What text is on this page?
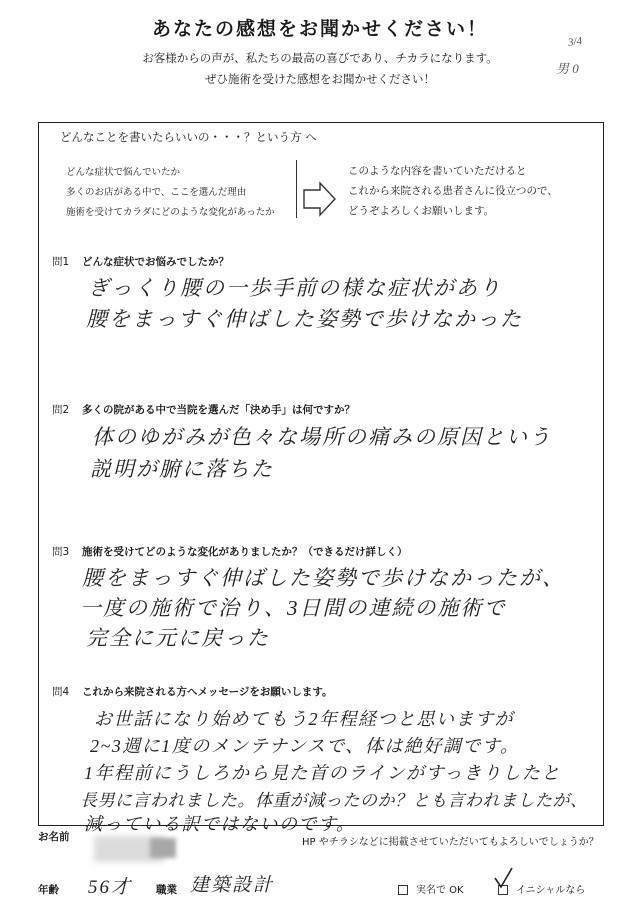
あなたの感想をお聞かせください！
お客様からの声が、私たちの最高の喜びであり、チカラになります。
ぜひ施術を受けた感想をお聞かせください！
3/4
男 0
どんなことを書いたらいいの・・・？という方 へ
どんな症状で悩んでいたか
多くのお店がある中で、ここを選んだ理由
施術を受けてカラダにどのような変化があったか
このような内容を書いていただけると
これから来院される患者さんに役立つので、
どうぞよろしくお願いします。
問1 どんな症状でお悩みでしたか？
ぎっくり腰の一歩手前の様な症状があり
腰をまっすぐ伸ばした姿勢で歩けなかった
問2 多くの院がある中で当院を選んだ「決め手」は何ですか？
体のゆがみが色々な場所の痛みの原因という
説明が腑に落ちた
問3 施術を受けてどのような変化がありましたか？（できるだけ詳しく）
腰をまっすぐ伸ばした姿勢で歩けなかったが、
一度の施術で治り、3日間の連続の施術で
完全に元に戻った
問4 これから来院される方へメッセージをお願いします。
お世話になり始めてもう2年程経つと思いますが
2~3週に1度のメンテナンスで、体は絶好調です。
1年程前にうしろから見た首のラインがすっきりしたと
長男に言われました。体重が減ったのか？とも言われましたが、
減っている訳ではないのです。
お名前	HP やチラシなどに掲載させていただいてもよろしいでしょうか？
年齢 56才 職業 建築設計	実名で OK	イニシャルなら
